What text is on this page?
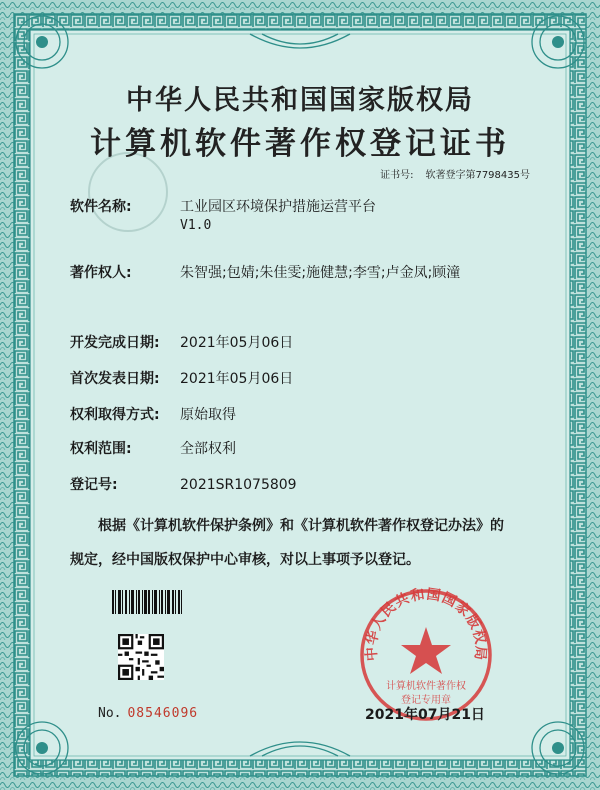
中华人民共和国国家版权局
计算机软件著作权登记证书
证书号: 软著登字第7798435号
软件名称:	工业园区环境保护措施运营平台
V1.0
著作权人:	朱智强;包婧;朱佳雯;施健慧;李雪;卢金凤;顾潼
开发完成日期: 2021年05月06日
首次发表日期: 2021年05月06日
权利取得方式: 原始取得
权利范围:	全部权利
登记号:	2021SR1075809
根据《计算机软件保护条例》和《计算机软件著作权登记办法》的
规定，经中国版权保护中心审核，对以上事项予以登记。
No. 08546096
中华人民共和国国家版权局
计算机软件著作权
登记专用章
2021年07月21日
